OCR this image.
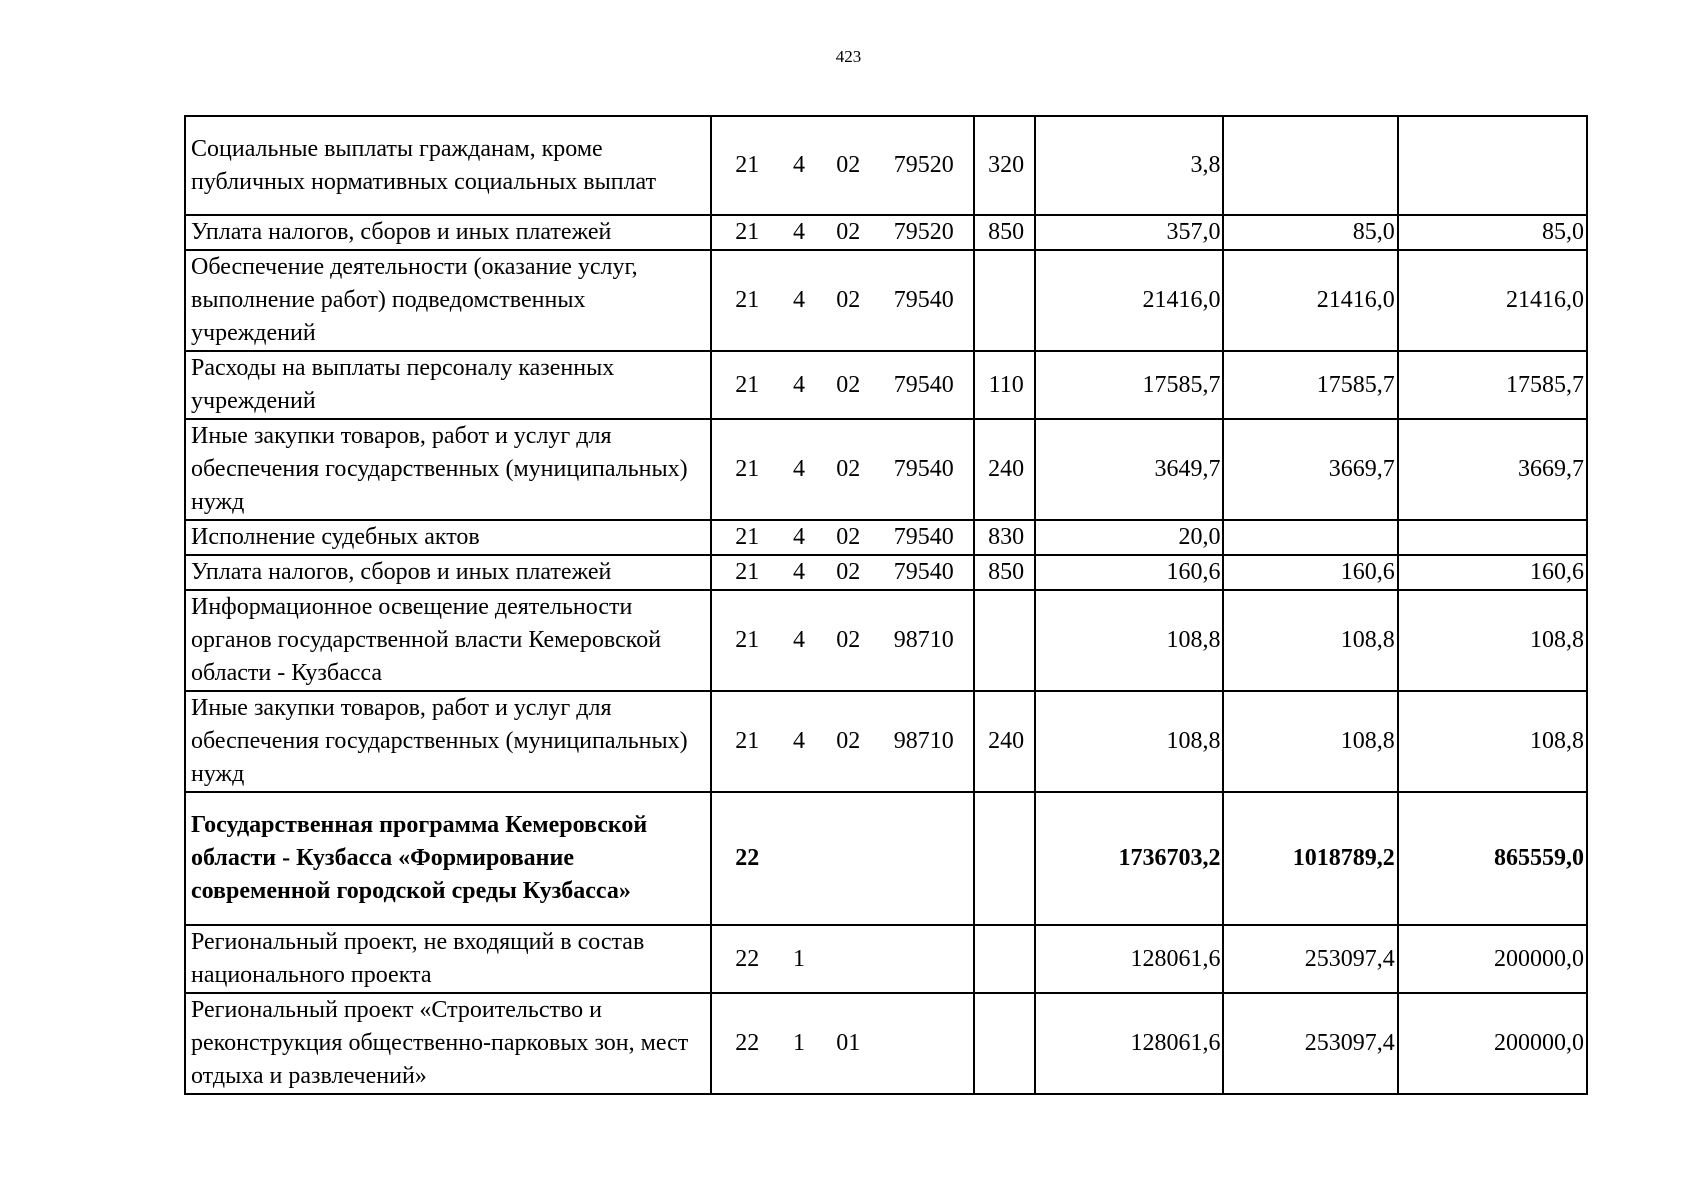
423
Социальные выплаты гражданам, кроме публичных нормативных социальных выплат	21 4 02 79520	320	3,8		
Уплата налогов, сборов и иных платежей	21 4 02 79520	850	357,0	85,0	85,0
Обеспечение деятельности (оказание услуг, выполнение работ) подведомственных учреждений	21 4 02 79540		21416,0	21416,0	21416,0
Расходы на выплаты персоналу казенных учреждений	21 4 02 79540	110	17585,7	17585,7	17585,7
Иные закупки товаров, работ и услуг для обеспечения государственных (муниципальных) нужд	21 4 02 79540	240	3649,7	3669,7	3669,7
Исполнение судебных актов	21 4 02 79540	830	20,0		
Уплата налогов, сборов и иных платежей	21 4 02 79540	850	160,6	160,6	160,6
Информационное освещение деятельности органов государственной власти Кемеровской области - Кузбасса	21 4 02 98710		108,8	108,8	108,8
Иные закупки товаров, работ и услуг для обеспечения государственных (муниципальных) нужд	21 4 02 98710	240	108,8	108,8	108,8
Государственная программа Кемеровской области - Кузбасса «Формирование современной городской среды Кузбасса»	22		1736703,2	1018789,2	865559,0
Региональный проект, не входящий в состав национального проекта	22 1		128061,6	253097,4	200000,0
Региональный проект «Строительство и реконструкция общественно-парковых зон, мест отдыха и развлечений»	22 1 01		128061,6	253097,4	200000,0
